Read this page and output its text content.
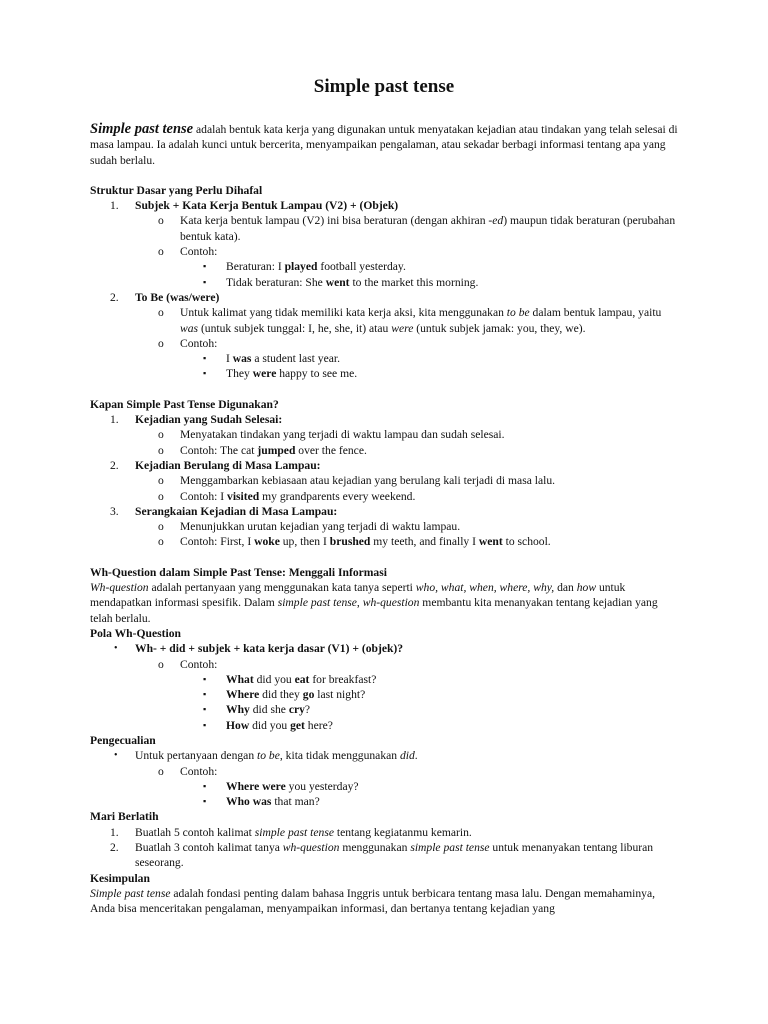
Simple past tense

Simple past tense adalah bentuk kata kerja yang digunakan untuk menyatakan kejadian atau tindakan yang telah selesai di masa lampau. Ia adalah kunci untuk bercerita, menyampaikan pengalaman, atau sekadar berbagi informasi tentang apa yang sudah berlalu.

Struktur Dasar yang Perlu Dihafal

1. Subjek + Kata Kerja Bentuk Lampau (V2) + (Objek)
o Kata kerja bentuk lampau (V2) ini bisa beraturan (dengan akhiran -ed) maupun tidak beraturan (perubahan bentuk kata).
o Contoh:
▪ Beraturan: I played football yesterday.
▪ Tidak beraturan: She went to the market this morning.
2. To Be (was/were)
o Untuk kalimat yang tidak memiliki kata kerja aksi, kita menggunakan to be dalam bentuk lampau, yaitu was (untuk subjek tunggal: I, he, she, it) atau were (untuk subjek jamak: you, they, we).
o Contoh:
▪ I was a student last year.
▪ They were happy to see me.

Kapan Simple Past Tense Digunakan?

1. Kejadian yang Sudah Selesai:
o Menyatakan tindakan yang terjadi di waktu lampau dan sudah selesai.
o Contoh: The cat jumped over the fence.
2. Kejadian Berulang di Masa Lampau:
o Menggambarkan kebiasaan atau kejadian yang berulang kali terjadi di masa lalu.
o Contoh: I visited my grandparents every weekend.
3. Serangkaian Kejadian di Masa Lampau:
o Menunjukkan urutan kejadian yang terjadi di waktu lampau.
o Contoh: First, I woke up, then I brushed my teeth, and finally I went to school.

Wh-Question dalam Simple Past Tense: Menggali Informasi

Wh-question adalah pertanyaan yang menggunakan kata tanya seperti who, what, when, where, why, dan how untuk mendapatkan informasi spesifik. Dalam simple past tense, wh-question membantu kita menanyakan tentang kejadian yang telah berlalu.

Pola Wh-Question

• Wh- + did + subjek + kata kerja dasar (V1) + (objek)?
o Contoh:
▪ What did you eat for breakfast?
▪ Where did they go last night?
▪ Why did she cry?
▪ How did you get here?

Pengecualian

• Untuk pertanyaan dengan to be, kita tidak menggunakan did.
o Contoh:
▪ Where were you yesterday?
▪ Who was that man?

Mari Berlatih

1. Buatlah 5 contoh kalimat simple past tense tentang kegiatanmu kemarin.
2. Buatlah 3 contoh kalimat tanya wh-question menggunakan simple past tense untuk menanyakan tentang liburan seseorang.

Kesimpulan

Simple past tense adalah fondasi penting dalam bahasa Inggris untuk berbicara tentang masa lalu. Dengan memahaminya, Anda bisa menceritakan pengalaman, menyampaikan informasi, dan bertanya tentang kejadian yang
